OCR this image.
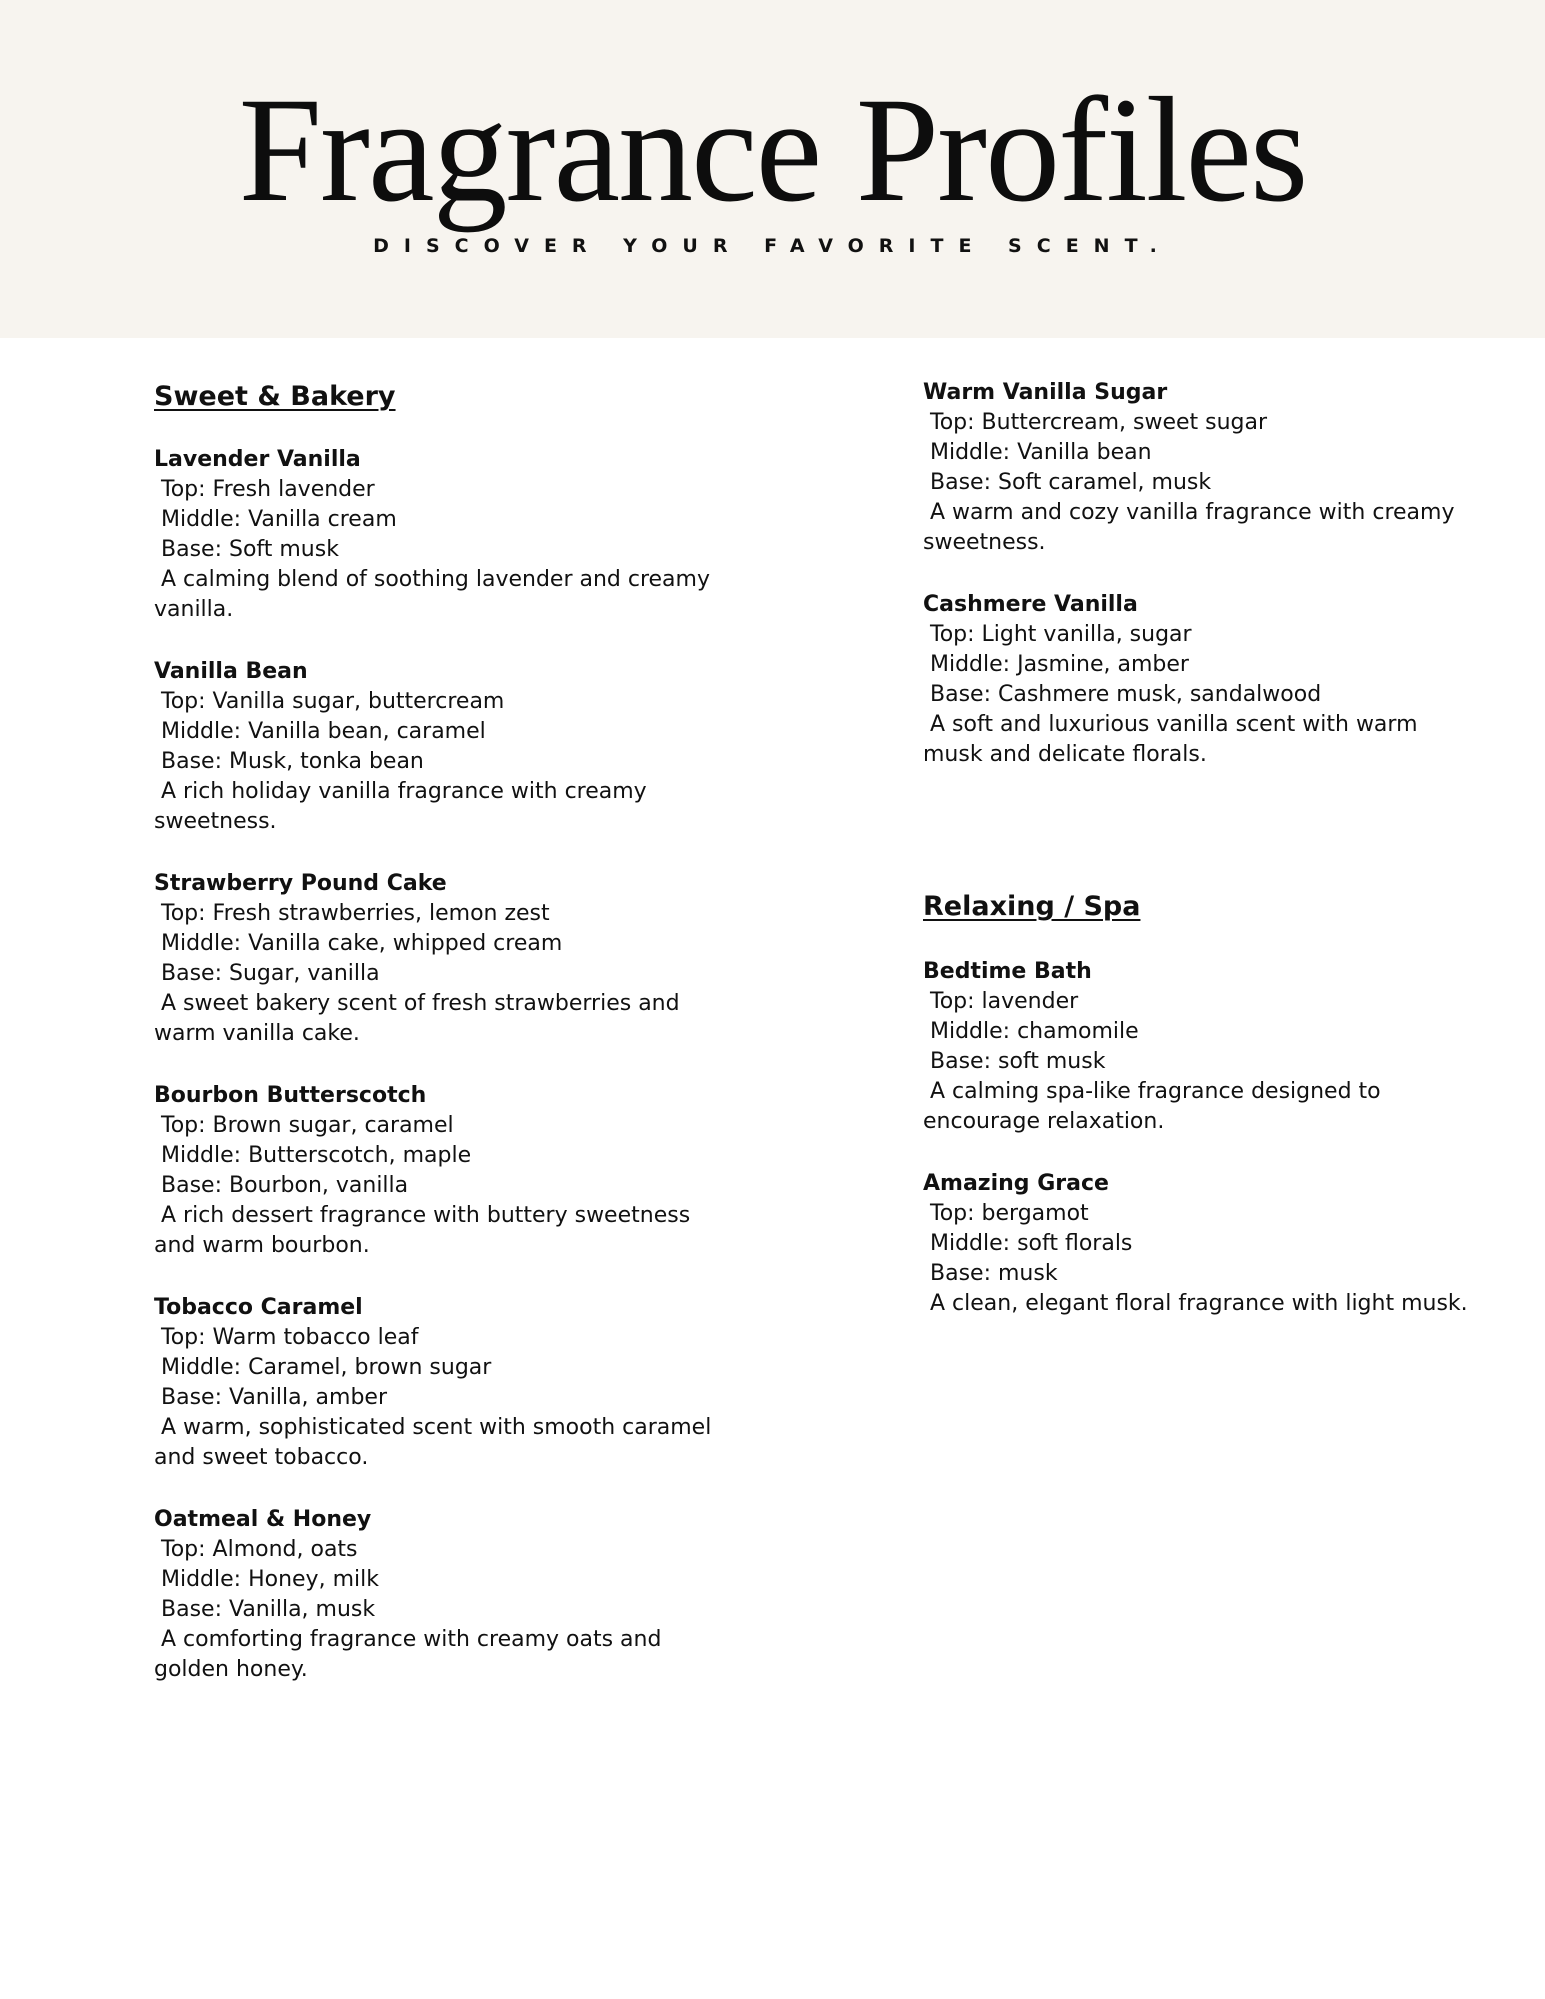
Fragrance Profiles
DISCOVER YOUR FAVORITE SCENT.
Sweet & Bakery
Lavender Vanilla
Top: Fresh lavender
Middle: Vanilla cream
Base: Soft musk
A calming blend of soothing lavender and creamy vanilla.
Vanilla Bean
Top: Vanilla sugar, buttercream
Middle: Vanilla bean, caramel
Base: Musk, tonka bean
A rich holiday vanilla fragrance with creamy sweetness.
Strawberry Pound Cake
Top: Fresh strawberries, lemon zest
Middle: Vanilla cake, whipped cream
Base: Sugar, vanilla
A sweet bakery scent of fresh strawberries and warm vanilla cake.
Bourbon Butterscotch
Top: Brown sugar, caramel
Middle: Butterscotch, maple
Base: Bourbon, vanilla
A rich dessert fragrance with buttery sweetness and warm bourbon.
Tobacco Caramel
Top: Warm tobacco leaf
Middle: Caramel, brown sugar
Base: Vanilla, amber
A warm, sophisticated scent with smooth caramel and sweet tobacco.
Oatmeal & Honey
Top: Almond, oats
Middle: Honey, milk
Base: Vanilla, musk
A comforting fragrance with creamy oats and golden honey.
Warm Vanilla Sugar
Top: Buttercream, sweet sugar
Middle: Vanilla bean
Base: Soft caramel, musk
A warm and cozy vanilla fragrance with creamy sweetness.
Cashmere Vanilla
Top: Light vanilla, sugar
Middle: Jasmine, amber
Base: Cashmere musk, sandalwood
A soft and luxurious vanilla scent with warm musk and delicate florals.
Relaxing / Spa
Bedtime Bath
Top: lavender
Middle: chamomile
Base: soft musk
A calming spa-like fragrance designed to encourage relaxation.
Amazing Grace
Top: bergamot
Middle: soft florals
Base: musk
A clean, elegant floral fragrance with light musk.
